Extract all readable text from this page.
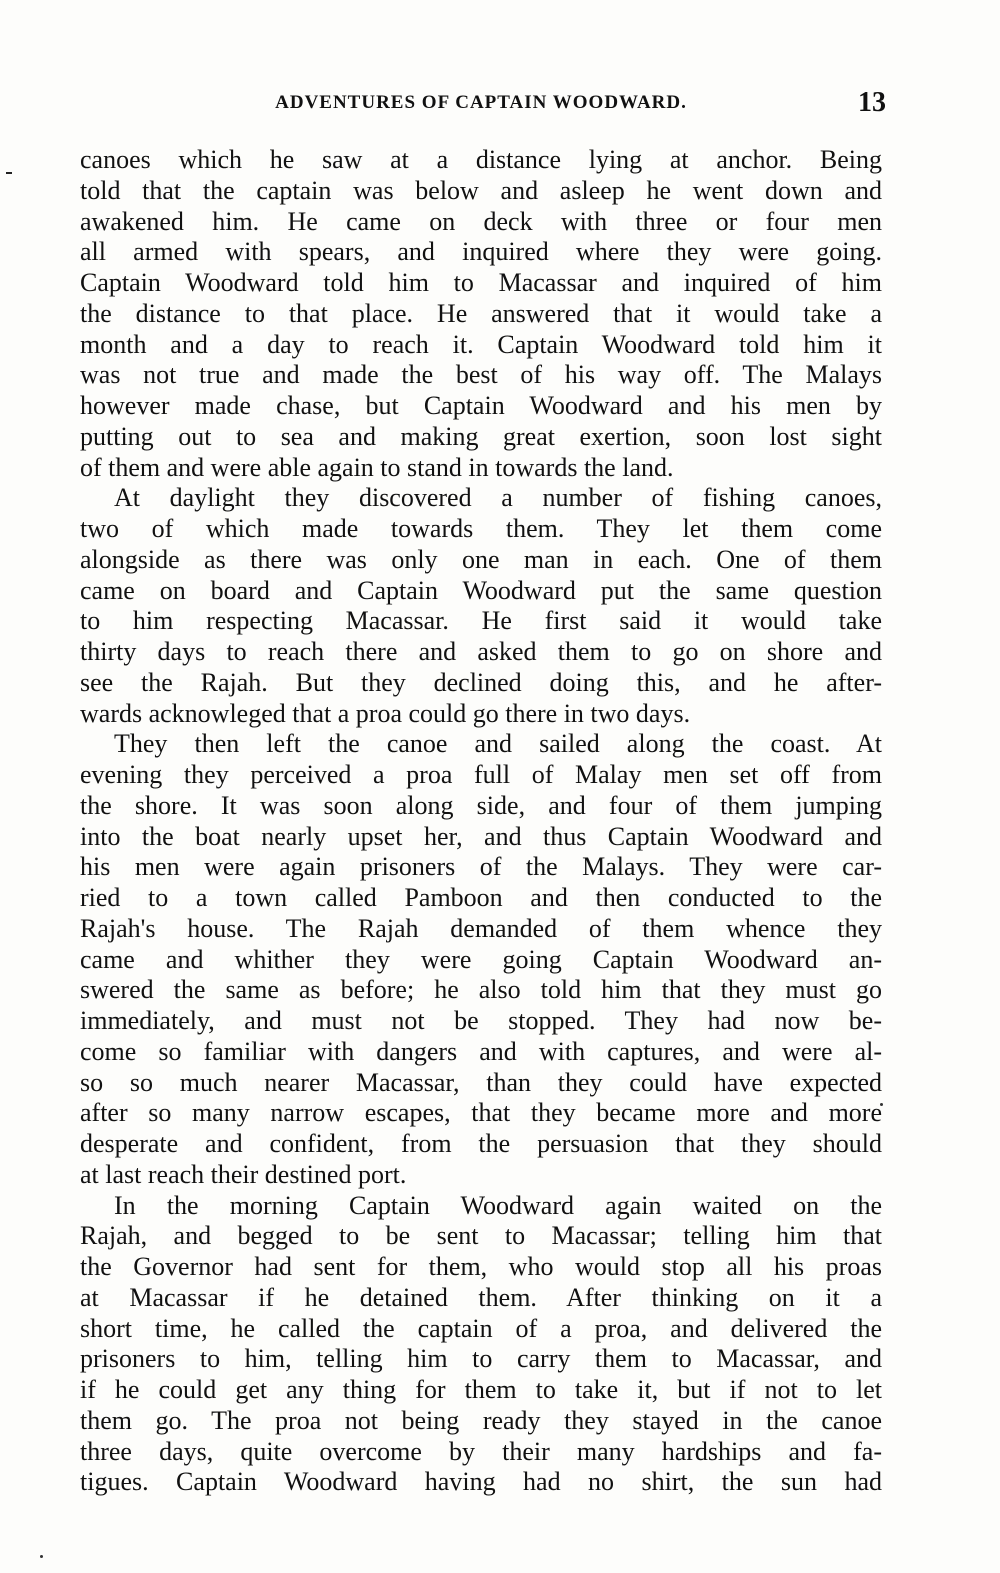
ADVENTURES OF CAPTAIN WOODWARD.	13
canoes which he saw at a distance lying at anchor. Being
told that the captain was below and asleep he went down and
awakened him. He came on deck with three or four men
all armed with spears, and inquired where they were going.
Captain Woodward told him to Macassar and inquired of him
the distance to that place. He answered that it would take a
month and a day to reach it. Captain Woodward told him it
was not true and made the best of his way off. The Malays
however made chase, but Captain Woodward and his men by
putting out to sea and making great exertion, soon lost sight
of them and were able again to stand in towards the land.
At daylight they discovered a number of fishing canoes,
two of which made towards them. They let them come
alongside as there was only one man in each. One of them
came on board and Captain Woodward put the same question
to him respecting Macassar. He first said it would take
thirty days to reach there and asked them to go on shore and
see the Rajah. But they declined doing this, and he after-
wards acknowleged that a proa could go there in two days.
They then left the canoe and sailed along the coast. At
evening they perceived a proa full of Malay men set off from
the shore. It was soon along side, and four of them jumping
into the boat nearly upset her, and thus Captain Woodward and
his men were again prisoners of the Malays. They were car-
ried to a town called Pamboon and then conducted to the
Rajah's house. The Rajah demanded of them whence they
came and whither they were going Captain Woodward an-
swered the same as before; he also told him that they must go
immediately, and must not be stopped. They had now be-
come so familiar with dangers and with captures, and were al-
so so much nearer Macassar, than they could have expected
after so many narrow escapes, that they became more and more
desperate and confident, from the persuasion that they should
at last reach their destined port.
In the morning Captain Woodward again waited on the
Rajah, and begged to be sent to Macassar; telling him that
the Governor had sent for them, who would stop all his proas
at Macassar if he detained them. After thinking on it a
short time, he called the captain of a proa, and delivered the
prisoners to him, telling him to carry them to Macassar, and
if he could get any thing for them to take it, but if not to let
them go. The proa not being ready they stayed in the canoe
three days, quite overcome by their many hardships and fa-
tigues. Captain Woodward having had no shirt, the sun had
